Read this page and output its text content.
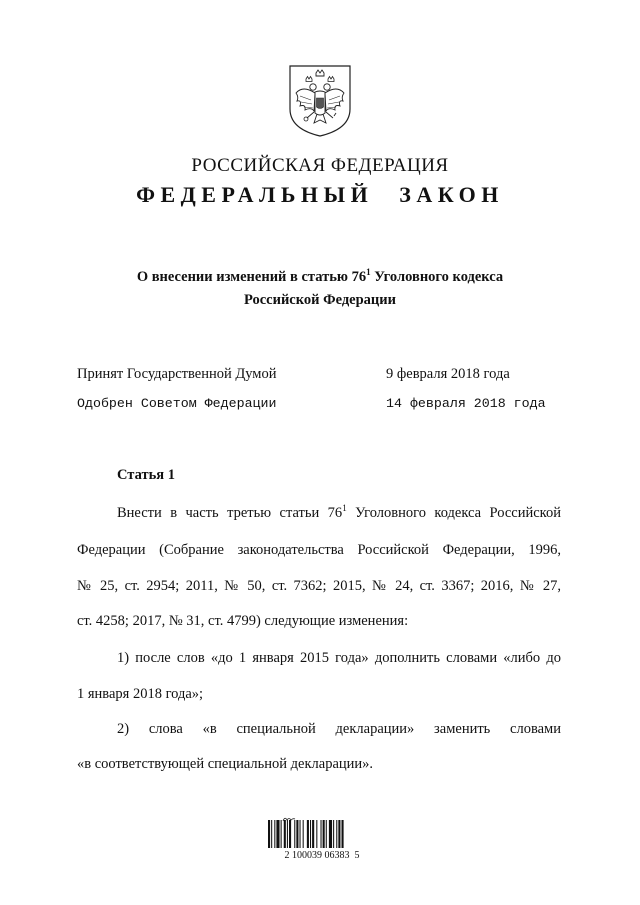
РОССИЙСКАЯ ФЕДЕРАЦИЯ
ФЕДЕРАЛЬНЫЙ ЗАКОН
О внесении изменений в статью $76^1$ Уголовного кодекса
Российской Федерации
Принят Государственной Думой	9 февраля 2018 года
Одобрен Советом Федерации	14 февраля 2018 года
Статья 1
Внести в часть третью статьи $76^1$ Уголовного кодекса Российской
Федерации (Собрание законодательства Российской Федерации, 1996,
№ 25, ст. 2954; 2011, № 50, ст. 7362; 2015, № 24, ст. 3367; 2016, № 27,
ст. 4258; 2017, № 31, ст. 4799) следующие изменения:
1) после слов «до 1 января 2015 года» дополнить словами «либо до
1 января 2018 года»;
2) слова «в специальной декларации» заменить словами
«в соответствующей специальной декларации».
2 100039 06383  5
